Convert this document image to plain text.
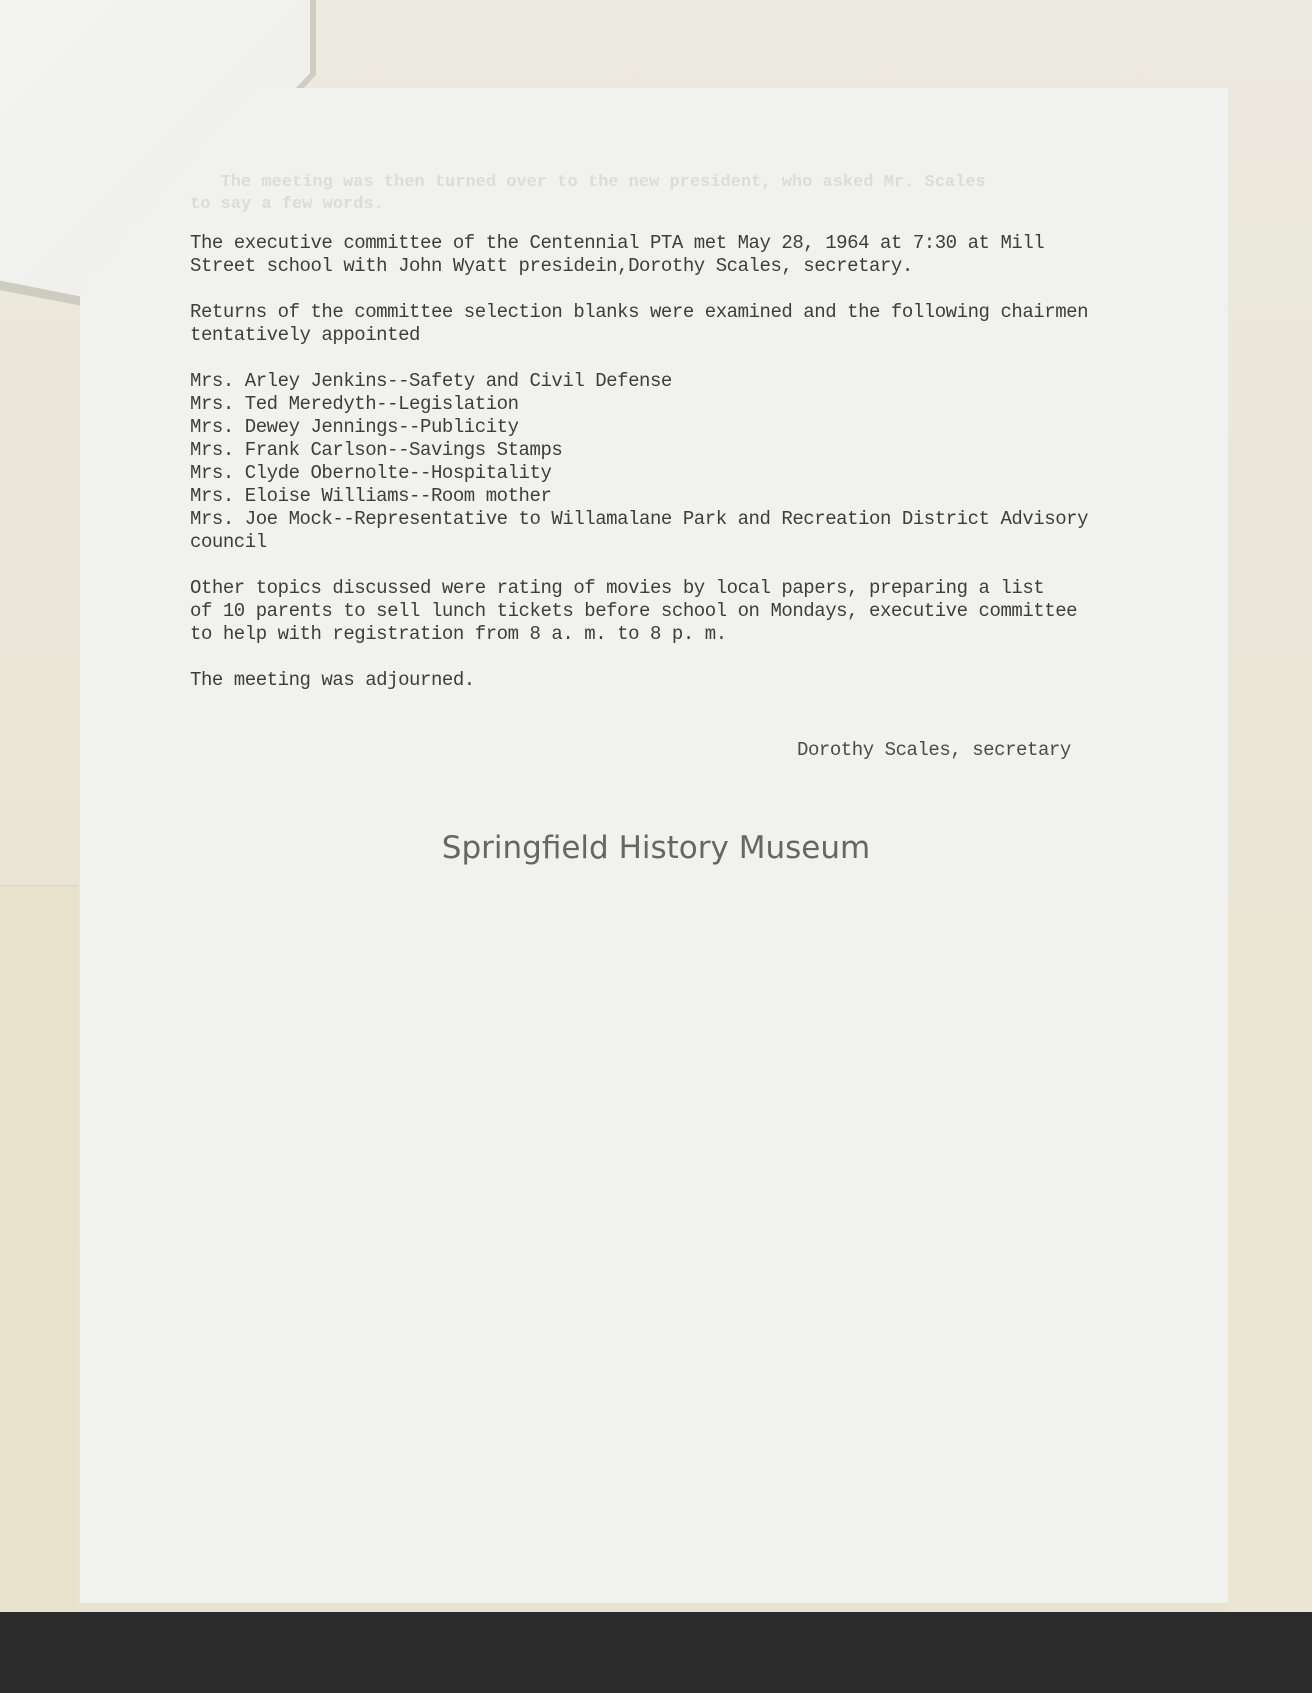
The meeting was then turned over to the new president, who asked Mr. Scales
to say a few words.

The executive committee of the Centennial PTA met May 28, 1964 at 7:30 at Mill
Street school with John Wyatt presidein,Dorothy Scales, secretary.

Returns of the committee selection blanks were examined and the following chairmen
tentatively appointed

Mrs. Arley Jenkins--Safety and Civil Defense
Mrs. Ted Meredyth--Legislation
Mrs. Dewey Jennings--Publicity
Mrs. Frank Carlson--Savings Stamps
Mrs. Clyde Obernolte--Hospitality
Mrs. Eloise Williams--Room mother
Mrs. Joe Mock--Representative to Willamalane Park and Recreation District Advisory
council

Other topics discussed were rating of movies by local papers, preparing a list
of 10 parents to sell lunch tickets before school on Mondays, executive committee
to help with registration from 8 a. m. to 8 p. m.

The meeting was adjourned.

Dorothy Scales, secretary
Springfield History Museum
